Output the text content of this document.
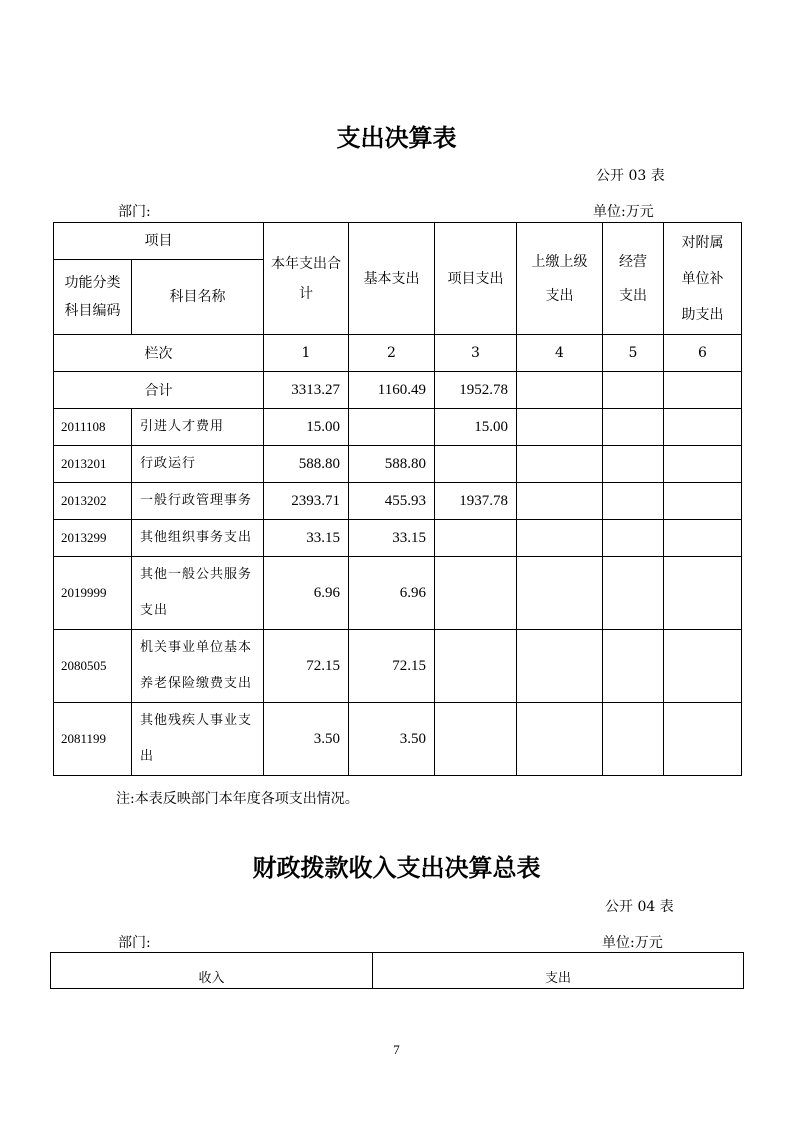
支出决算表
公开 03 表
部门:	单位:万元
项目		本年支出合计	基本支出	项目支出	上缴上级支出	经营支出	对附属单位补助支出
功能分类科目编码	科目名称						
栏次		1	2	3	4	5	6
合计		3313.27	1160.49	1952.78			
2011108	引进人才费用	15.00		15.00			
2013201	行政运行	588.80	588.80				
2013202	一般行政管理事务	2393.71	455.93	1937.78			
2013299	其他组织事务支出	33.15	33.15				
2019999	其他一般公共服务支出	6.96	6.96				
2080505	机关事业单位基本养老保险缴费支出	72.15	72.15				
2081199	其他残疾人事业支出	3.50	3.50				
注:本表反映部门本年度各项支出情况。
财政拨款收入支出决算总表
公开 04 表
部门:	单位:万元
收入	支出
7
